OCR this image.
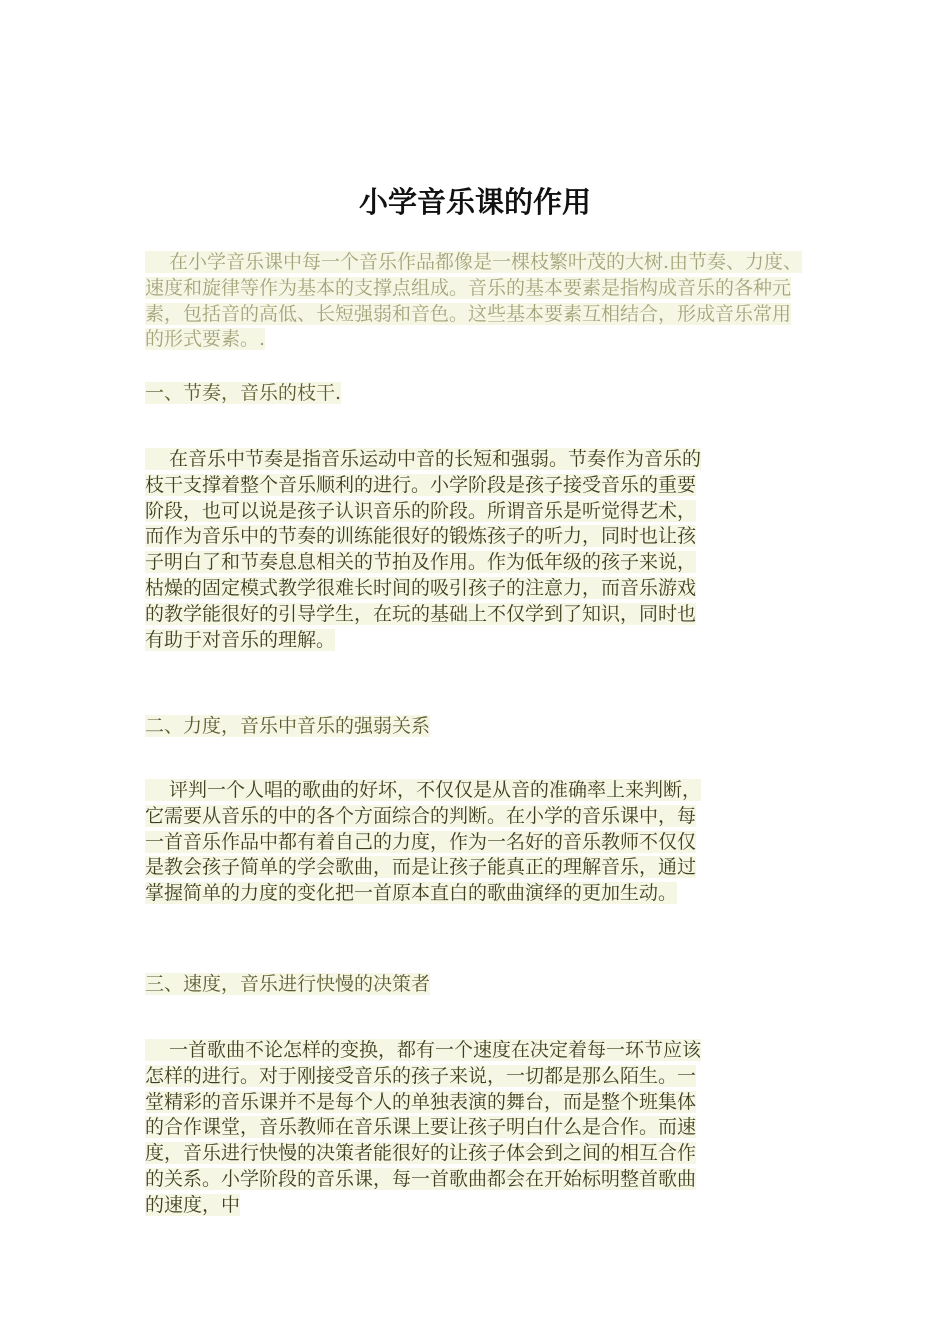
小学音乐课的作用
在小学音乐课中每一个音乐作品都像是一棵枝繁叶茂的大树.由节奏、力度、速度和旋律等作为基本的支撑点组成。音乐的基本要素是指构成音乐的各种元素，包括音的高低、长短强弱和音色。这些基本要素互相结合，形成音乐常用的形式要素。.
一、节奏，音乐的枝干.
在音乐中节奏是指音乐运动中音的长短和强弱。节奏作为音乐的枝干支撑着整个音乐顺利的进行。小学阶段是孩子接受音乐的重要阶段，也可以说是孩子认识音乐的阶段。所谓音乐是听觉得艺术，而作为音乐中的节奏的训练能很好的锻炼孩子的听力，同时也让孩子明白了和节奏息息相关的节拍及作用。作为低年级的孩子来说，枯燥的固定模式教学很难长时间的吸引孩子的注意力，而音乐游戏的教学能很好的引导学生，在玩的基础上不仅学到了知识，同时也有助于对音乐的理解。
二、力度，音乐中音乐的强弱关系
评判一个人唱的歌曲的好坏，不仅仅是从音的准确率上来判断，它需要从音乐的中的各个方面综合的判断。在小学的音乐课中，每一首音乐作品中都有着自己的力度，作为一名好的音乐教师不仅仅是教会孩子简单的学会歌曲，而是让孩子能真正的理解音乐，通过掌握简单的力度的变化把一首原本直白的歌曲演绎的更加生动。
三、速度，音乐进行快慢的决策者
一首歌曲不论怎样的变换，都有一个速度在决定着每一环节应该怎样的进行。对于刚接受音乐的孩子来说，一切都是那么陌生。一堂精彩的音乐课并不是每个人的单独表演的舞台，而是整个班集体的合作课堂，音乐教师在音乐课上要让孩子明白什么是合作。而速度，音乐进行快慢的决策者能很好的让孩子体会到之间的相互合作的关系。小学阶段的音乐课，每一首歌曲都会在开始标明整首歌曲的速度，中
